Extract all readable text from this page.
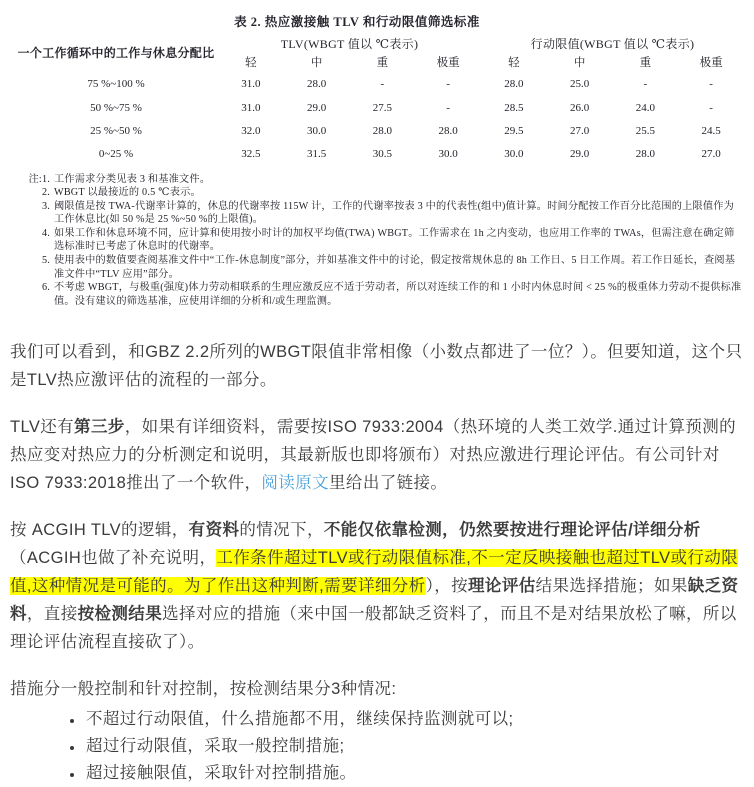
表 2. 热应激接触 TLV 和行动限值筛选标准
一个工作循环中的工作与休息分配比	TLV(WBGT 值以 ℃表示)				行动限值(WBGT 值以 ℃表示)			
	轻	中	重	极重	轻	中	重	极重
75 %~100 %	31.0	28.0	-	-	28.0	25.0	-	-
50 %~75 %	31.0	29.0	27.5	-	28.5	26.0	24.0	-
25 %~50 %	32.0	30.0	28.0	28.0	29.5	27.0	25.5	24.5
0~25 %	32.5	31.5	30.5	30.0	30.0	29.0	28.0	27.0
注:1. 工作需求分类见表 3 和基准文件。
2. WBGT 以最接近的 0.5 ℃表示。
3. 阈限值是按 TWA-代谢率计算的，休息的代谢率按 115W 计，工作的代谢率按表 3 中的代表性(组中)值计算。时间分配按工作百分比范围的上限值作为工作休息比(如 50 %是 25 %~50 %的上限值)。
4. 如果工作和休息环境不同，应计算和使用按小时计的加权平均值(TWA) WBGT。工作需求在 1h 之内变动，也应用工作率的 TWAs，但需注意在确定筛选标准时已考虑了休息时的代谢率。
5. 使用表中的数值要查阅基准文件中“工作-休息制度”部分，并如基准文件中的讨论，假定按常规休息的 8h 工作日、5 日工作周。若工作日延长，查阅基准文件中“TLV 应用”部分。
6. 不考虑 WBGT，与极重(强度)体力劳动相联系的生理应激反应不适于劳动者，所以对连续工作的和 1 小时内休息时间 < 25 %的极重体力劳动不提供标准值。没有建议的筛选基准，应使用详细的分析和/或生理监测。

我们可以看到，和GBZ 2.2所列的WBGT限值非常相像（小数点都进了一位？）。但要知道，这个只是TLV热应激评估的流程的一部分。

TLV还有第三步，如果有详细资料，需要按ISO 7933:2004（热环境的人类工效学.通过计算预测的热应变对热应力的分析测定和说明，其最新版也即将颁布）对热应激进行理论评估。有公司针对ISO 7933:2018推出了一个软件，阅读原文里给出了链接。

按 ACGIH TLV的逻辑，有资料的情况下，不能仅依靠检测，仍然要按进行理论评估/详细分析（ACGIH也做了补充说明，工作条件超过TLV或行动限值标准,不一定反映接触也超过TLV或行动限值,这种情况是可能的。为了作出这种判断,需要详细分析），按理论评估结果选择措施；如果缺乏资料，直接按检测结果选择对应的措施（来中国一般都缺乏资料了，而且不是对结果放松了嘛，所以理论评估流程直接砍了）。

措施分一般控制和针对控制，按检测结果分3种情况:

• 不超过行动限值，什么措施都不用，继续保持监测就可以;
• 超过行动限值，采取一般控制措施;
• 超过接触限值，采取针对控制措施。
